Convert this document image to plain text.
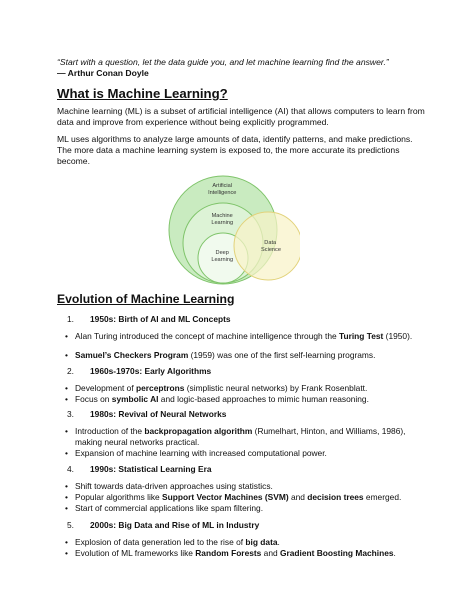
“Start with a question, let the data guide you, and let machine learning find the answer.”
— Arthur Conan Doyle
What is Machine Learning?
Machine learning (ML) is a subset of artificial intelligence (AI) that allows computers to learn from data and improve from experience without being explicitly programmed.
ML uses algorithms to analyze large amounts of data, identify patterns, and make predictions. The more data a machine learning system is exposed to, the more accurate its predictions become.
Artificial Intelligence Machine Learning Deep Learning Data Science
Evolution of Machine Learning
1.	1950s: Birth of AI and ML Concepts
• Alan Turing introduced the concept of machine intelligence through the Turing Test (1950).
• Samuel’s Checkers Program (1959) was one of the first self-learning programs.
2.	1960s-1970s: Early Algorithms
• Development of perceptrons (simplistic neural networks) by Frank Rosenblatt.
• Focus on symbolic AI and logic-based approaches to mimic human reasoning.
3.	1980s: Revival of Neural Networks
• Introduction of the backpropagation algorithm (Rumelhart, Hinton, and Williams, 1986), making neural networks practical.
• Expansion of machine learning with increased computational power.
4.	1990s: Statistical Learning Era
• Shift towards data-driven approaches using statistics.
• Popular algorithms like Support Vector Machines (SVM) and decision trees emerged.
• Start of commercial applications like spam filtering.
5.	2000s: Big Data and Rise of ML in Industry
• Explosion of data generation led to the rise of big data.
• Evolution of ML frameworks like Random Forests and Gradient Boosting Machines.
